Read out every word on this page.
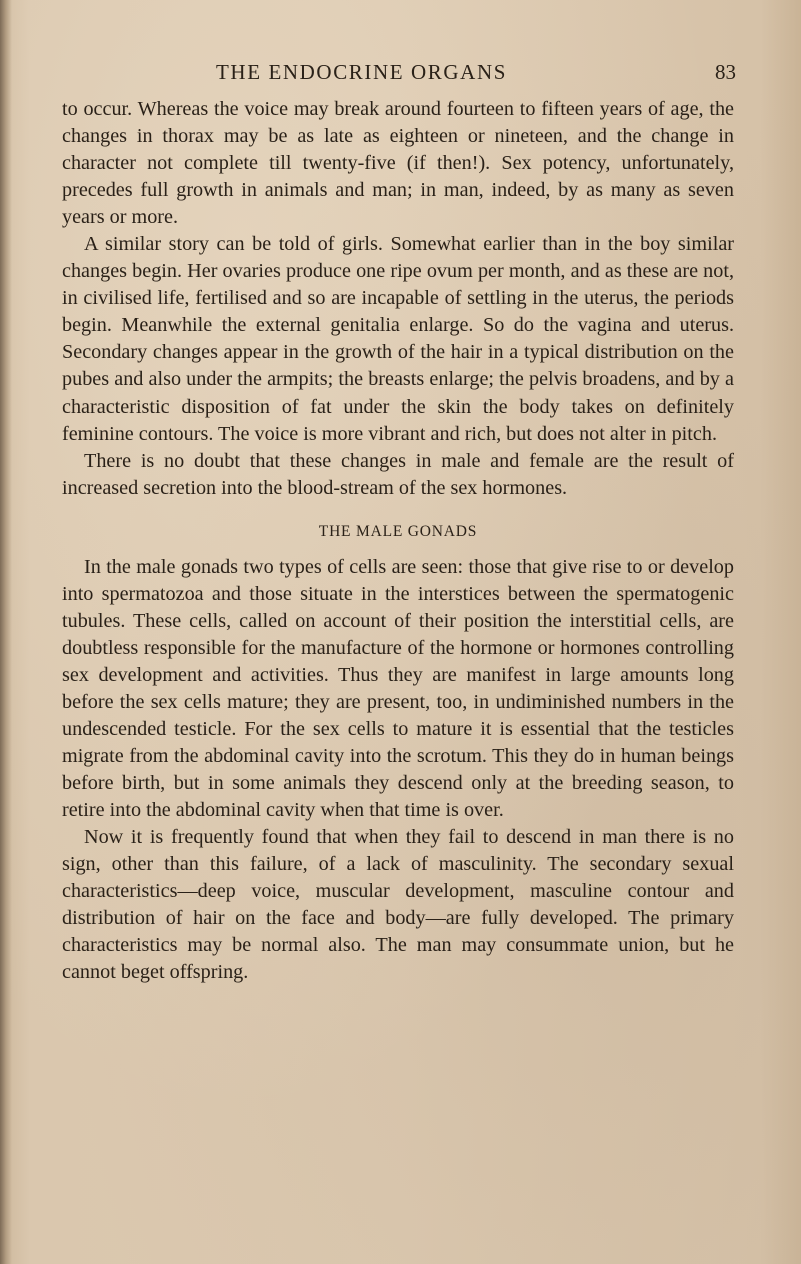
THE ENDOCRINE ORGANS	83

to occur. Whereas the voice may break around fourteen to fifteen years of age, the changes in thorax may be as late as eighteen or nineteen, and the change in character not complete till twenty-five (if then!). Sex potency, unfortunately, precedes full growth in animals and man; in man, indeed, by as many as seven years or more.

A similar story can be told of girls. Somewhat earlier than in the boy similar changes begin. Her ovaries produce one ripe ovum per month, and as these are not, in civilised life, fertilised and so are incapable of settling in the uterus, the periods begin. Meanwhile the external genitalia enlarge. So do the vagina and uterus. Secondary changes appear in the growth of the hair in a typical distribution on the pubes and also under the armpits; the breasts enlarge; the pelvis broadens, and by a characteristic disposition of fat under the skin the body takes on definitely feminine contours. The voice is more vibrant and rich, but does not alter in pitch.

There is no doubt that these changes in male and female are the result of increased secretion into the blood-stream of the sex hormones.

THE MALE GONADS

In the male gonads two types of cells are seen: those that give rise to or develop into spermatozoa and those situate in the interstices between the spermatogenic tubules. These cells, called on account of their position the interstitial cells, are doubtless responsible for the manufacture of the hormone or hormones controlling sex development and activities. Thus they are manifest in large amounts long before the sex cells mature; they are present, too, in undiminished numbers in the undescended testicle. For the sex cells to mature it is essential that the testicles migrate from the abdominal cavity into the scrotum. This they do in human beings before birth, but in some animals they descend only at the breeding season, to retire into the abdominal cavity when that time is over.

Now it is frequently found that when they fail to descend in man there is no sign, other than this failure, of a lack of masculinity. The secondary sexual characteristics—deep voice, muscular development, masculine contour and distribution of hair on the face and body—are fully developed. The primary characteristics may be normal also. The man may consummate union, but he cannot beget offspring.
